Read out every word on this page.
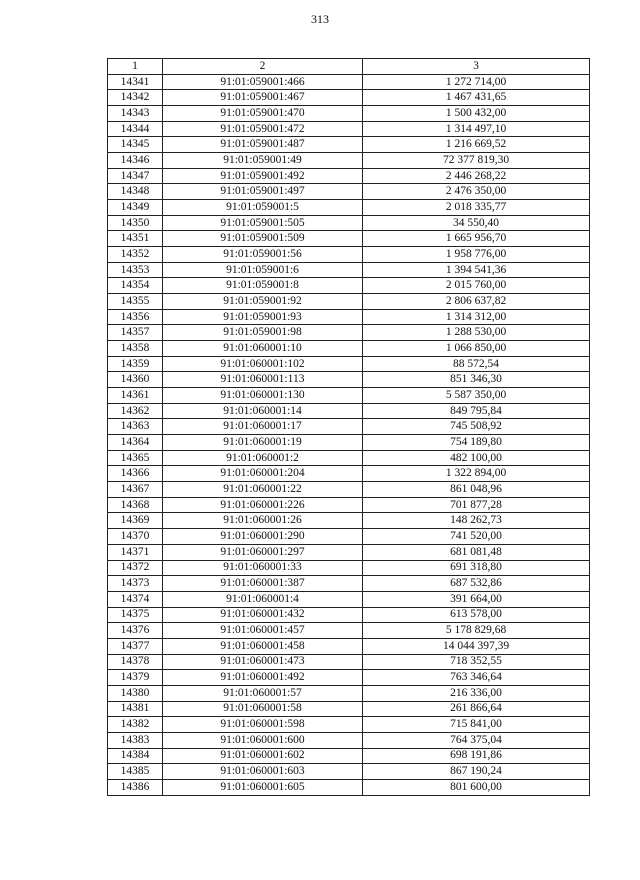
313
1	2	3
14341	91:01:059001:466	1 272 714,00
14342	91:01:059001:467	1 467 431,65
14343	91:01:059001:470	1 500 432,00
14344	91:01:059001:472	1 314 497,10
14345	91:01:059001:487	1 216 669,52
14346	91:01:059001:49	72 377 819,30
14347	91:01:059001:492	2 446 268,22
14348	91:01:059001:497	2 476 350,00
14349	91:01:059001:5	2 018 335,77
14350	91:01:059001:505	34 550,40
14351	91:01:059001:509	1 665 956,70
14352	91:01:059001:56	1 958 776,00
14353	91:01:059001:6	1 394 541,36
14354	91:01:059001:8	2 015 760,00
14355	91:01:059001:92	2 806 637,82
14356	91:01:059001:93	1 314 312,00
14357	91:01:059001:98	1 288 530,00
14358	91:01:060001:10	1 066 850,00
14359	91:01:060001:102	88 572,54
14360	91:01:060001:113	851 346,30
14361	91:01:060001:130	5 587 350,00
14362	91:01:060001:14	849 795,84
14363	91:01:060001:17	745 508,92
14364	91:01:060001:19	754 189,80
14365	91:01:060001:2	482 100,00
14366	91:01:060001:204	1 322 894,00
14367	91:01:060001:22	861 048,96
14368	91:01:060001:226	701 877,28
14369	91:01:060001:26	148 262,73
14370	91:01:060001:290	741 520,00
14371	91:01:060001:297	681 081,48
14372	91:01:060001:33	691 318,80
14373	91:01:060001:387	687 532,86
14374	91:01:060001:4	391 664,00
14375	91:01:060001:432	613 578,00
14376	91:01:060001:457	5 178 829,68
14377	91:01:060001:458	14 044 397,39
14378	91:01:060001:473	718 352,55
14379	91:01:060001:492	763 346,64
14380	91:01:060001:57	216 336,00
14381	91:01:060001:58	261 866,64
14382	91:01:060001:598	715 841,00
14383	91:01:060001:600	764 375,04
14384	91:01:060001:602	698 191,86
14385	91:01:060001:603	867 190,24
14386	91:01:060001:605	801 600,00
